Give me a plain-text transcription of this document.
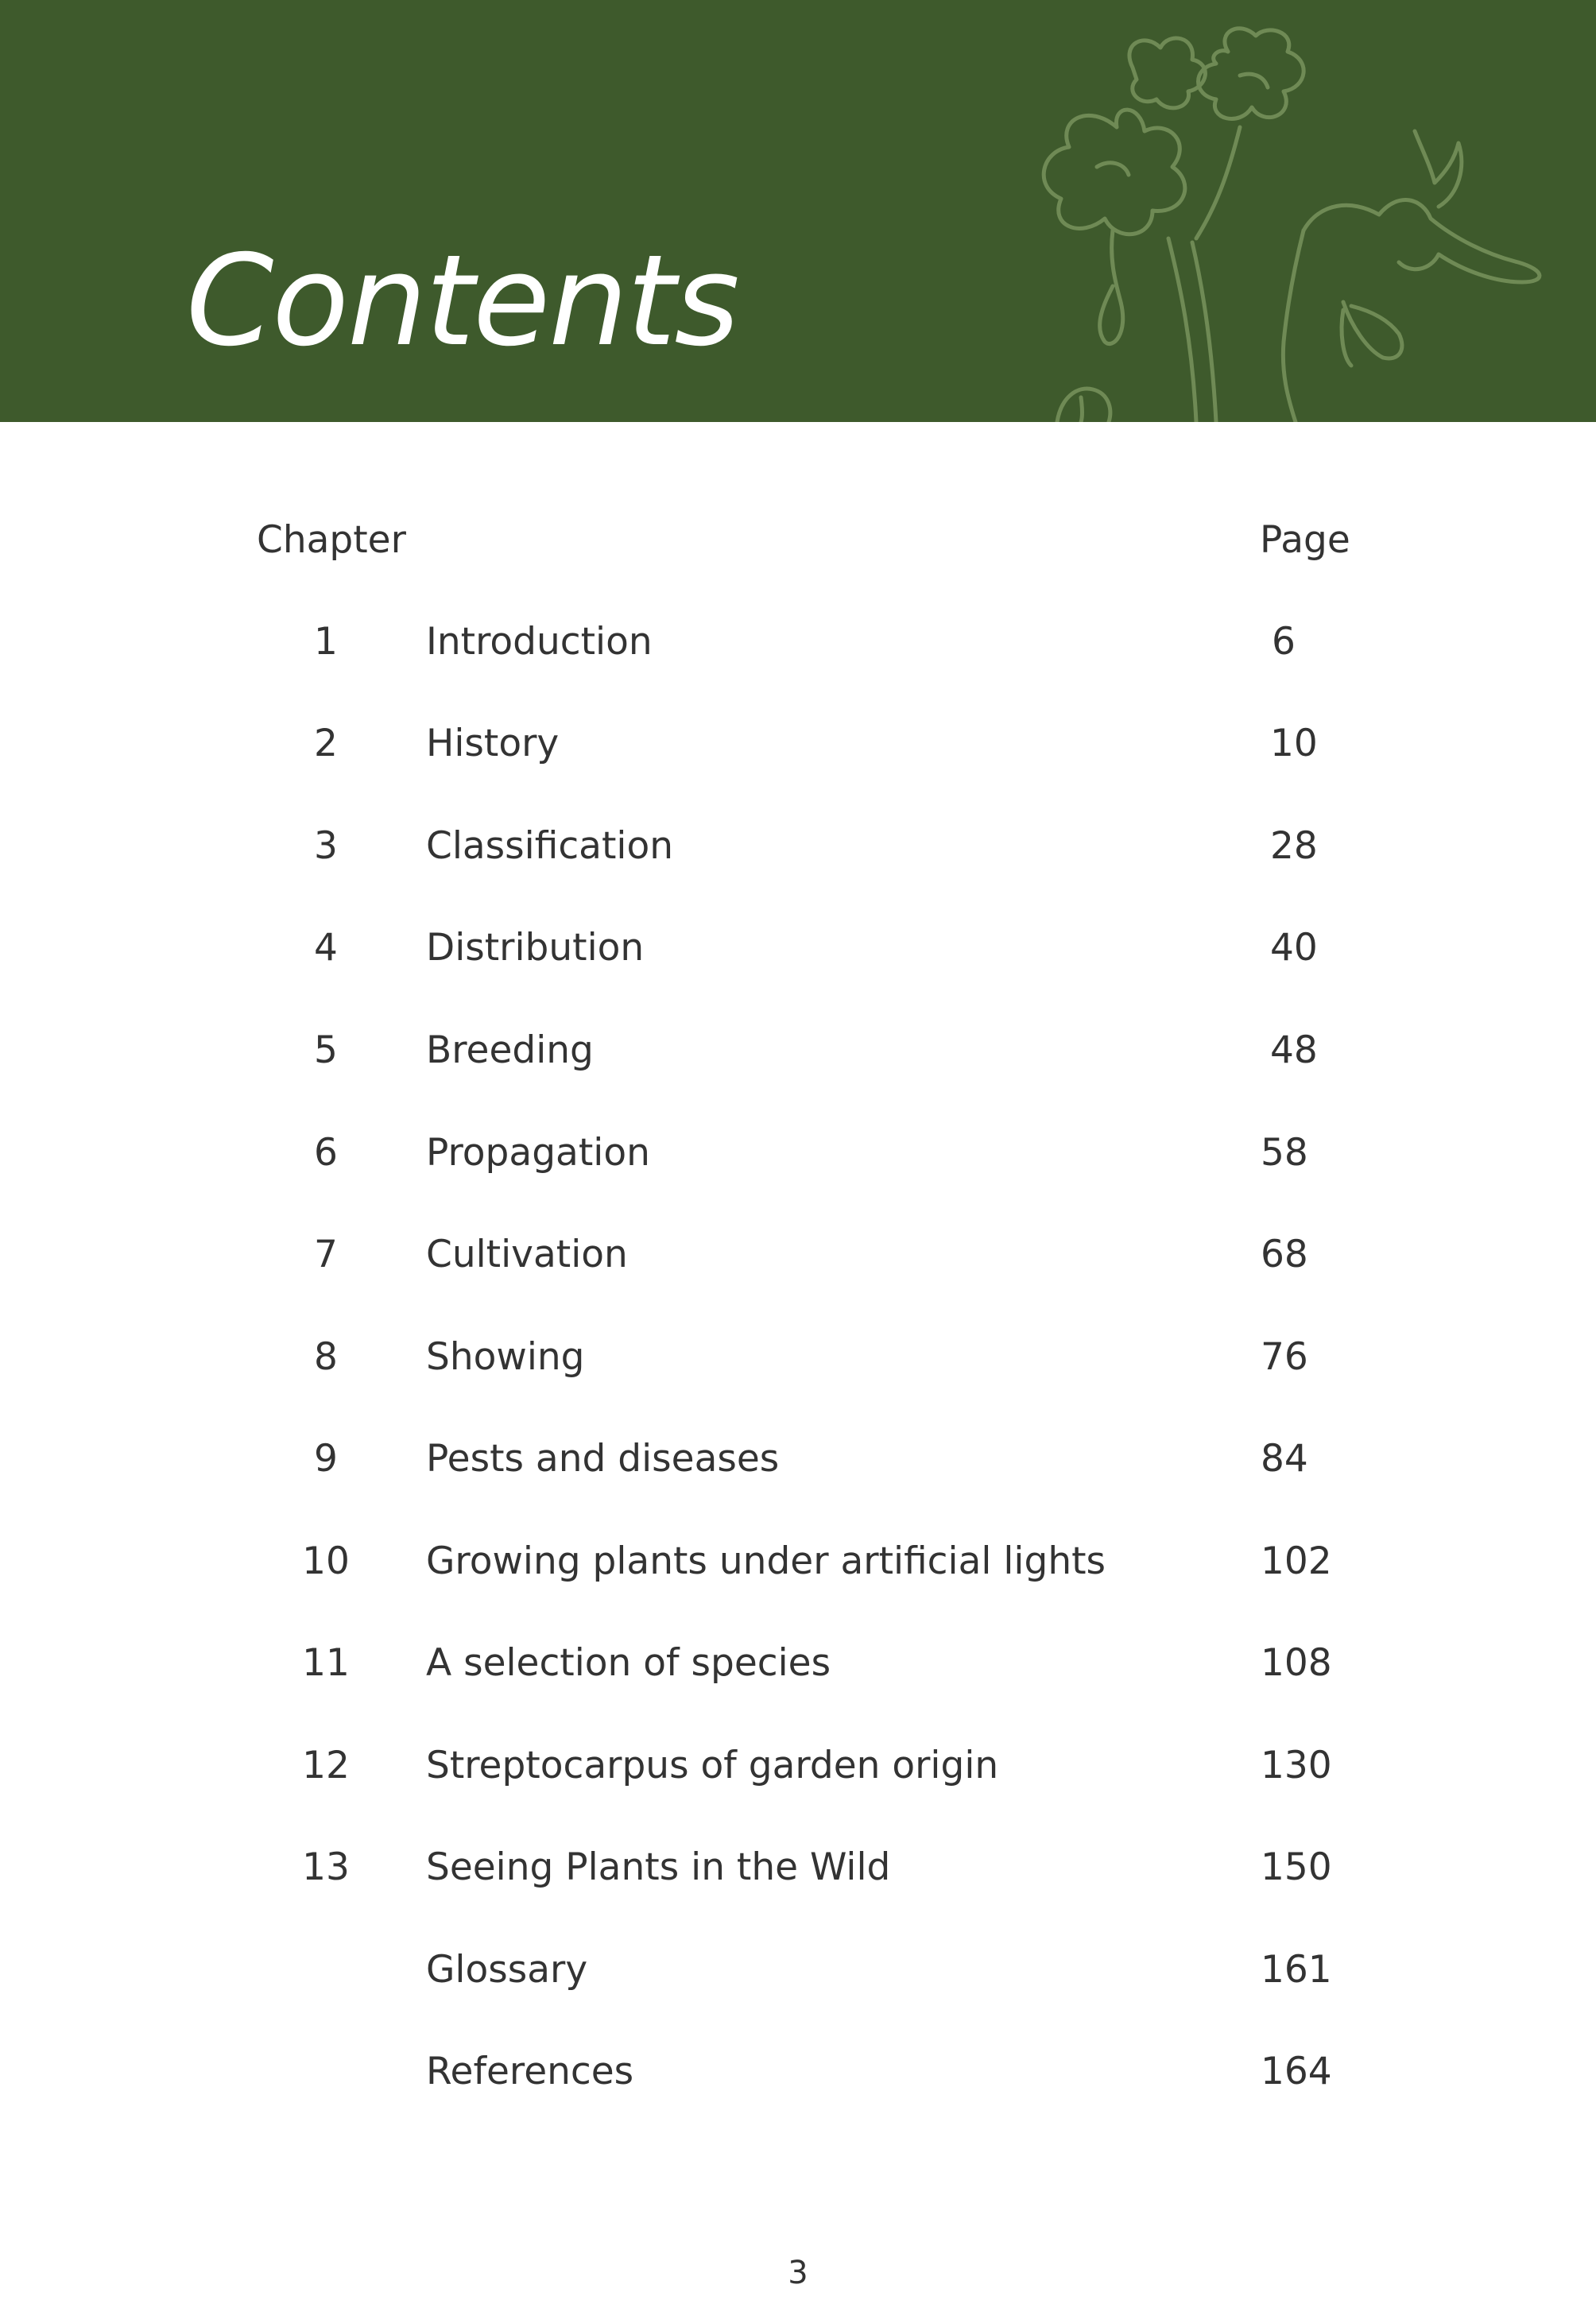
Contents
Chapter	Page
1	Introduction	6
2	History	10
3	Classification	28
4	Distribution	40
5	Breeding	48
6	Propagation	58
7	Cultivation	68
8	Showing	76
9	Pests and diseases	84
10	Growing plants under artificial lights	102
11	A selection of species	108
12	Streptocarpus of garden origin	130
13	Seeing Plants in the Wild	150
Glossary	161
References	164
3
